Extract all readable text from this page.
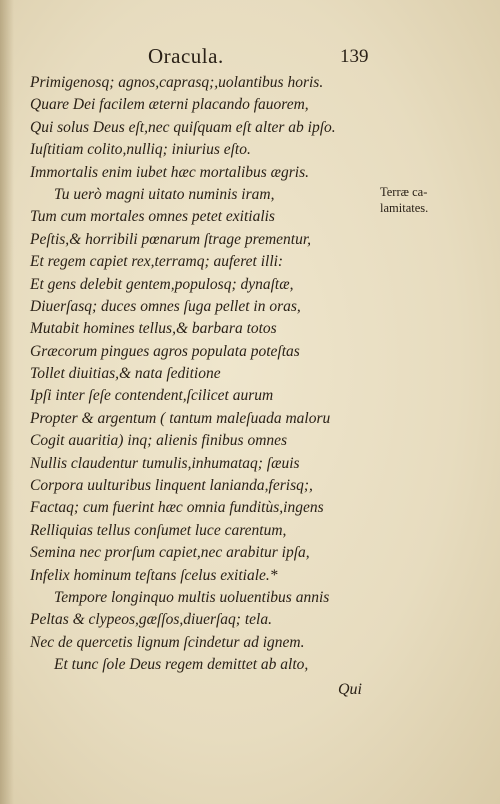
Oracula.	139
Primigenosq; agnos,caprasq;,uolantibus horis.
Quare Dei facilem æterni placando fauorem,
Qui solus Deus eſt,nec quiſquam eſt alter ab ipſo.
Iuſtitiam colito,nulliq; iniurius eſto.
Immortalis enim iubet hæc mortalibus ægris.
Tu uerò magni uitato numinis iram,
Tum cum mortales omnes petet exitialis
Peſtis,& horribili pœnarum ſtrage prementur,
Et regem capiet rex,terramq; auferet illi:
Et gens delebit gentem,populosq; dynaſtæ,
Diuerſasq; duces omnes ſuga pellet in oras,
Mutabit homines tellus,& barbara totos
Græcorum pingues agros populata poteſtas
Tollet diuitias,& nata ſeditione
Ipſi inter ſeſe contendent,ſcilicet aurum
Propter & argentum ( tantum maleſuada maloru
Cogit auaritia) inq; alienis finibus omnes
Nullis claudentur tumulis,inhumataq; ſæuis
Corpora uulturibus linquent lanianda,ferisq;,
Factaq; cum fuerint hæc omnia funditùs,ingens
Relliquias tellus conſumet luce carentum,
Semina nec prorſum capiet,nec arabitur ipſa,
Infelix hominum teſtans ſcelus exitiale.*
Tempore longinquo multis uoluentibus annis
Peltas & clypeos,gæſſos,diuerſaq; tela.
Nec de quercetis lignum ſcindetur ad ignem.
Et tunc ſole Deus regem demittet ab alto,
Terræ ca-
lamitates.
Qui
